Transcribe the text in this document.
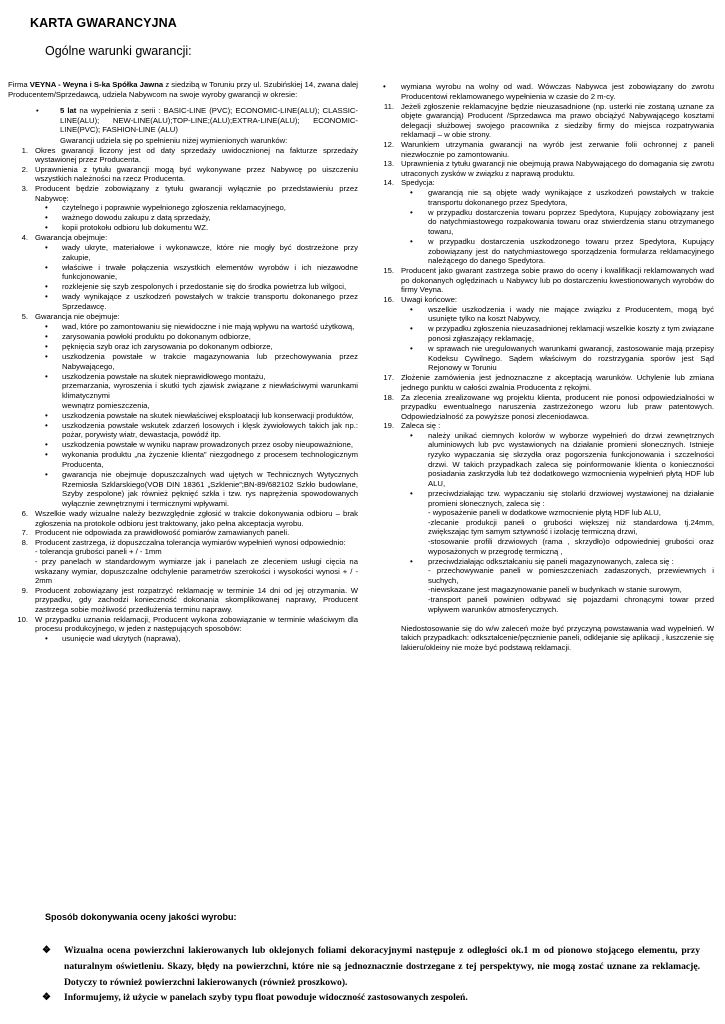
KARTA GWARANCYJNA
Ogólne warunki gwarancji:

Firma VEYNA - Weyna i S-ka Spółka Jawna z siedzibą w Toruniu przy ul. Szubińskiej 14, zwana dalej Producentem/Sprzedawcą, udziela Nabywcom na swoje wyroby gwarancji w okresie:

• 5 lat na wypełnienia z serii : BASIC-LINE (PVC); ECONOMIC-LINE(ALU); CLASSIC-LINE(ALU); NEW-LINE(ALU);TOP-LINE;(ALU);EXTRA-LINE(ALU); ECONOMIC-LINE(PVC); FASHION-LINE (ALU)

Gwarancji udziela się po spełnieniu niżej wymienionych warunków:

1. Okres gwarancji liczony jest od daty sprzedaży uwidocznionej na fakturze sprzedaży wystawionej przez Producenta.
2. Uprawnienia z tytułu gwarancji mogą być wykonywane przez Nabywcę po uiszczeniu wszystkich należności na rzecz Producenta.
3. Producent będzie zobowiązany z tytułu gwarancji wyłącznie po przedstawieniu przez Nabywcę:
• czytelnego i poprawnie wypełnionego zgłoszenia reklamacyjnego,
• ważnego dowodu zakupu z datą sprzedaży,
• kopii protokołu odbioru lub dokumentu WZ.
4. Gwarancja obejmuje:
• wady ukryte, materiałowe i wykonawcze, które nie mogły być dostrzeżone przy zakupie,
• właściwe i trwałe połączenia wszystkich elementów wyrobów i ich niezawodne funkcjonowanie,
• rozklejenie się szyb zespolonych i przedostanie się do środka powietrza lub wilgoci,
• wady wynikające z uszkodzeń powstałych w trakcie transportu dokonanego przez Sprzedawcę.
5. Gwarancja nie obejmuje:
• wad, które po zamontowaniu się niewidoczne i nie mają wpływu na wartość użytkową,
• zarysowania powłoki produktu po dokonanym odbiorze,
• pęknięcia szyb oraz ich zarysowania po dokonanym odbiorze,
• uszkodzenia powstałe w trakcie magazynowania lub przechowywania przez Nabywającego,
• uszkodzenia powstałe na skutek nieprawidłowego montażu,
przemarzania, wyroszenia i skutki tych zjawisk związane z niewłaściwymi warunkami klimatycznymi
wewnątrz pomieszczenia,
• uszkodzenia powstałe na skutek niewłaściwej eksploatacji lub konserwacji produktów,
• uszkodzenia powstałe wskutek zdarzeń losowych i klęsk żywiołowych takich jak np.: pożar, porywisty wiatr, dewastacja, powódź itp.
• uszkodzenia powstałe w wyniku napraw prowadzonych przez osoby nieupoważnione,
• wykonania produktu „na życzenie klienta” niezgodnego z procesem technologicznym Producenta,
• gwarancja nie obejmuje dopuszczalnych wad ujętych w Technicznych Wytycznych Rzemiosła Szklarskiego(VOB DIN 18361 „Szklenie”;BN-89/682102 Szkło budowlane, Szyby zespolone) jak również pęknięć szkła i tzw. rys naprężenia spowodowanych wyłącznie zewnętrznymi i termicznymi wpływami.
6. Wszelkie wady wizualne należy bezwzględnie zgłosić w trakcie dokonywania odbioru – brak zgłoszenia na protokole odbioru jest traktowany, jako pełna akceptacja wyrobu.
7. Producent nie odpowiada za prawidłowość pomiarów zamawianych paneli.
8. Producent zastrzega, iż dopuszczalna tolerancja wymiarów wypełnień wynosi odpowiednio:
- tolerancja grubości paneli + / - 1mm
- przy panelach w standardowym wymiarze jak i panelach ze zleceniem usługi cięcia na wskazany wymiar, dopuszczalne odchylenie parametrów szerokości i wysokości wynosi + / - 2mm
9. Producent zobowiązany jest rozpatrzyć reklamację w terminie 14 dni od jej otrzymania. W przypadku, gdy zachodzi konieczność dokonania skomplikowanej naprawy, Producent zastrzega sobie możliwość przedłużenia terminu naprawy.
10. W przypadku uznania reklamacji, Producent wykona zobowiązanie w terminie właściwym dla procesu produkcyjnego, w jeden z następujących sposobów:
• usunięcie wad ukrytych (naprawa),
• wymiana wyrobu na wolny od wad. Wówczas Nabywca jest zobowiązany do zwrotu Producentowi reklamowanego wypełnienia w czasie do 2 m-cy.
11. Jeżeli zgłoszenie reklamacyjne będzie nieuzasadnione (np. usterki nie zostaną uznane za objęte gwarancją) Producent /Sprzedawca ma prawo obciążyć Nabywającego kosztami delegacji służbowej swojego pracownika z siedziby firmy do miejsca rozpatrywania reklamacji – w obie strony.
12. Warunkiem utrzymania gwarancji na wyrób jest zerwanie folii ochronnej z paneli niezwłocznie po zamontowaniu.
13. Uprawnienia z tytułu gwarancji nie obejmują prawa Nabywającego do domagania się zwrotu utraconych zysków w związku z naprawą produktu.
14. Spedycja:
• gwarancją nie są objęte wady wynikające z uszkodzeń powstałych w trakcie transportu dokonanego przez Spedytora,
• w przypadku dostarczenia towaru poprzez Spedytora, Kupujący zobowiązany jest do natychmiastowego rozpakowania towaru oraz stwierdzenia stanu otrzymanego towaru,
• w przypadku dostarczenia uszkodzonego towaru przez Spedytora, Kupujący zobowiązany jest do natychmiastowego sporządzenia formularza reklamacyjnego należącego do danego Spedytora.
15. Producent jako gwarant zastrzega sobie prawo do oceny i kwalifikacji reklamowanych wad po dokonanych oględzinach u Nabywcy lub po dostarczeniu kwestionowanych wyrobów do firmy Veyna.
16. Uwagi końcowe:
• wszelkie uszkodzenia i wady nie mające związku z Producentem, mogą być usunięte tylko na koszt Nabywcy,
• w przypadku zgłoszenia nieuzasadnionej reklamacji wszelkie koszty z tym związane ponosi zgłaszający reklamację,
• w sprawach nie uregulowanych warunkami gwarancji, zastosowanie mają przepisy Kodeksu Cywilnego. Sądem właściwym do rozstrzygania sporów jest Sąd Rejonowy w Toruniu
17. Złożenie zamówienia jest jednoznaczne z akceptacją warunków. Uchylenie lub zmiana jednego punktu w całości zwalnia Producenta z rękojmi.
18. Za zlecenia zrealizowane wg projektu klienta, producent nie ponosi odpowiedzialności w przypadku ewentualnego naruszenia zastrzeżonego wzoru lub praw patentowych. Odpowiedzialność za powyższe ponosi zleceniodawca.
19. Zaleca się :
• należy unikać ciemnych kolorów w wyborze wypełnień do drzwi zewnętrznych aluminiowych lub pvc wystawionych na działanie promieni słonecznych. Istnieje ryzyko wypaczania się skrzydła oraz pogorszenia funkcjonowania i szczelności drzwi. W takich przypadkach zaleca się poinformowanie klienta o konieczności posiadania zaskrzydła lub też dodatkowego wzmocnienia wypełnień płytą HDF lub ALU,
• przeciwdziałając tzw. wypaczaniu się stolarki drzwiowej wystawionej na działanie promieni słonecznych, zaleca się :
- wyposażenie paneli w dodatkowe wzmocnienie płytą HDF lub ALU,
-zlecanie produkcji paneli o grubości większej niż standardowa tj.24mm, zwiększając tym samym sztywność i izolację termiczną drzwi,
-stosowanie profili drzwiowych (rama , skrzydło)o odpowiedniej grubości oraz wyposażonych w przegrodę termiczną ,
• przeciwdziałając odkształcaniu się paneli magazynowanych, zaleca się :
- przechowywanie paneli w pomieszczeniach zadaszonych, przewiewnych i suchych,
-niewskazane jest magazynowanie paneli w budynkach w stanie surowym,
-transport paneli powinien odbywać się pojazdami chronącymi towar przed wpływem warunków atmosferycznych.
Niedostosowanie się do w/w zaleceń może być przyczyną powstawania wad wypełnień. W takich przypadkach: odkształcenie/pęcznienie paneli, odklejanie się aplikacji , łuszczenie się lakieru/okleiny nie może być podstawą reklamacji.
Sposób dokonywania oceny jakości wyrobu:
❖ Wizualna ocena powierzchni lakierowanych lub oklejonych foliami dekoracyjnymi następuje z odległości ok.1 m od pionowo stojącego elementu, przy naturalnym oświetleniu. Skazy, błędy na powierzchni, które nie są jednoznacznie dostrzegane z tej perspektywy, nie mogą zostać uznane za reklamację. Dotyczy to również powierzchni lakierowanych (również proszkowo).
❖ Informujemy, iż użycie w panelach szyby typu float powoduje widoczność zastosowanych zespoleń.
